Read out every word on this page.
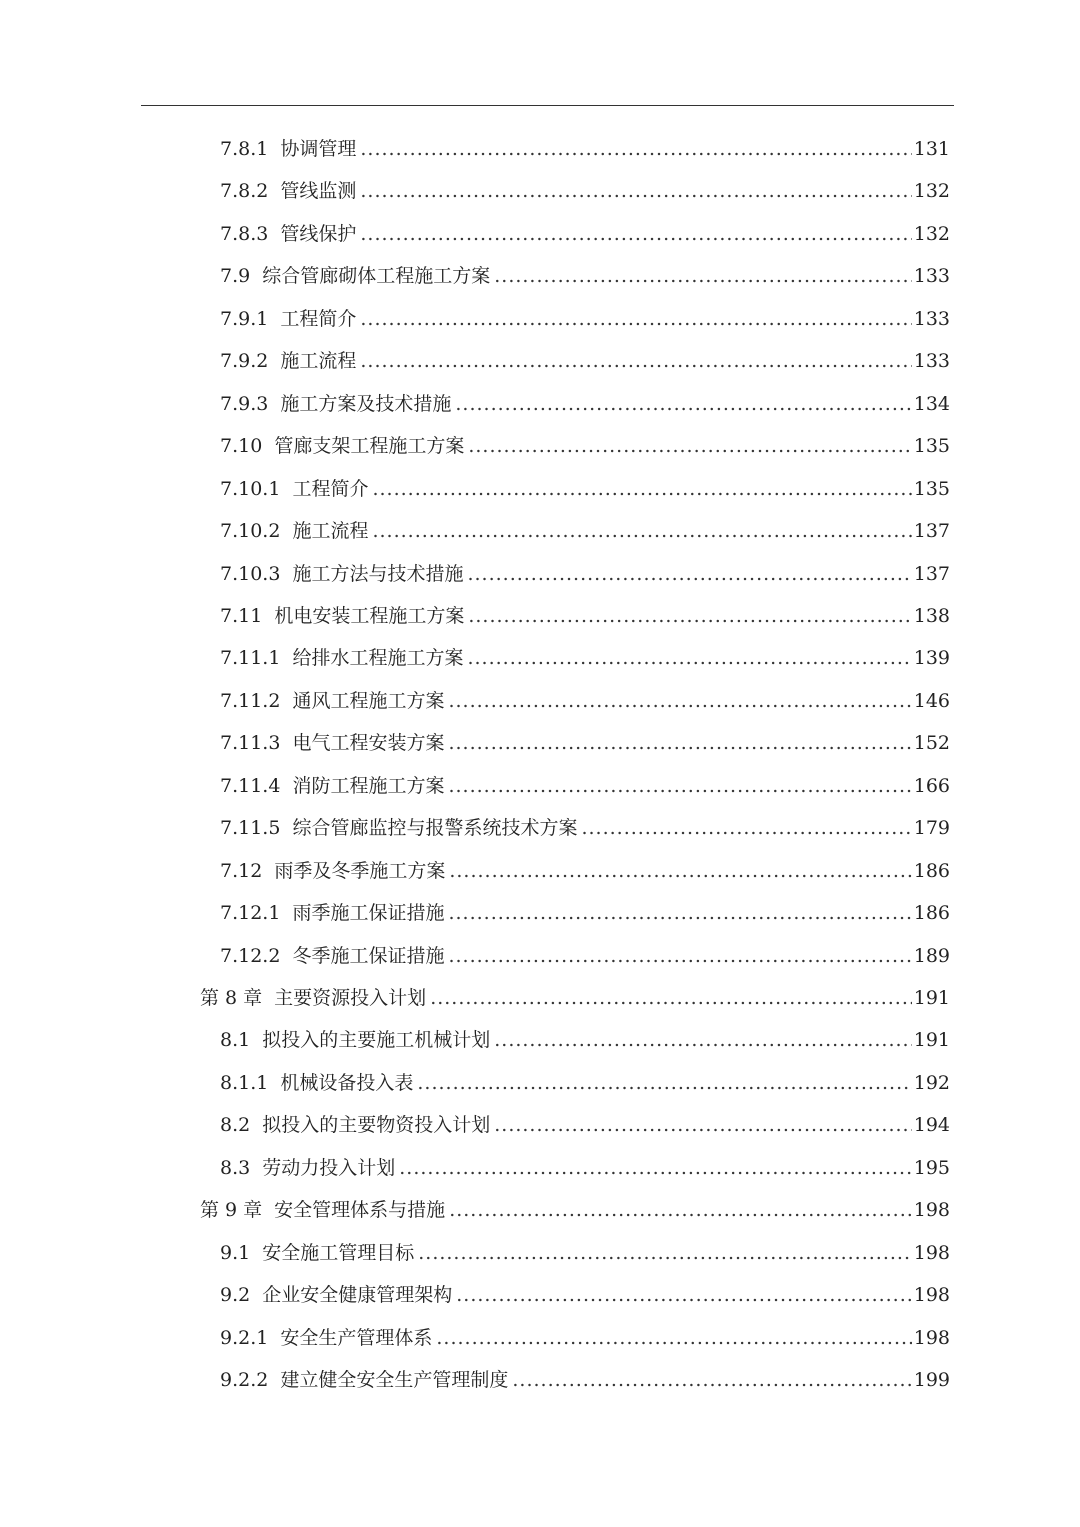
7.8.1 协调管理 .....	131
7.8.2 管线监测 .....	132
7.8.3 管线保护 .....	132
7.9 综合管廊砌体工程施工方案 .....	133
7.9.1 工程简介 .....	133
7.9.2 施工流程 .....	133
7.9.3 施工方案及技术措施 .....	134
7.10 管廊支架工程施工方案 .....	135
7.10.1 工程简介 .....	135
7.10.2 施工流程 .....	137
7.10.3 施工方法与技术措施 .....	137
7.11 机电安装工程施工方案 .....	138
7.11.1 给排水工程施工方案 .....	139
7.11.2 通风工程施工方案 .....	146
7.11.3 电气工程安装方案 .....	152
7.11.4 消防工程施工方案 .....	166
7.11.5 综合管廊监控与报警系统技术方案 .....	179
7.12 雨季及冬季施工方案 .....	186
7.12.1 雨季施工保证措施 .....	186
7.12.2 冬季施工保证措施 .....	189
第 8 章 主要资源投入计划 .....	191
8.1 拟投入的主要施工机械计划 .....	191
8.1.1 机械设备投入表 .....	192
8.2 拟投入的主要物资投入计划 .....	194
8.3 劳动力投入计划 .....	195
第 9 章 安全管理体系与措施 .....	198
9.1 安全施工管理目标 .....	198
9.2 企业安全健康管理架构 .....	198
9.2.1 安全生产管理体系 .....	198
9.2.2 建立健全安全生产管理制度 .....	199
